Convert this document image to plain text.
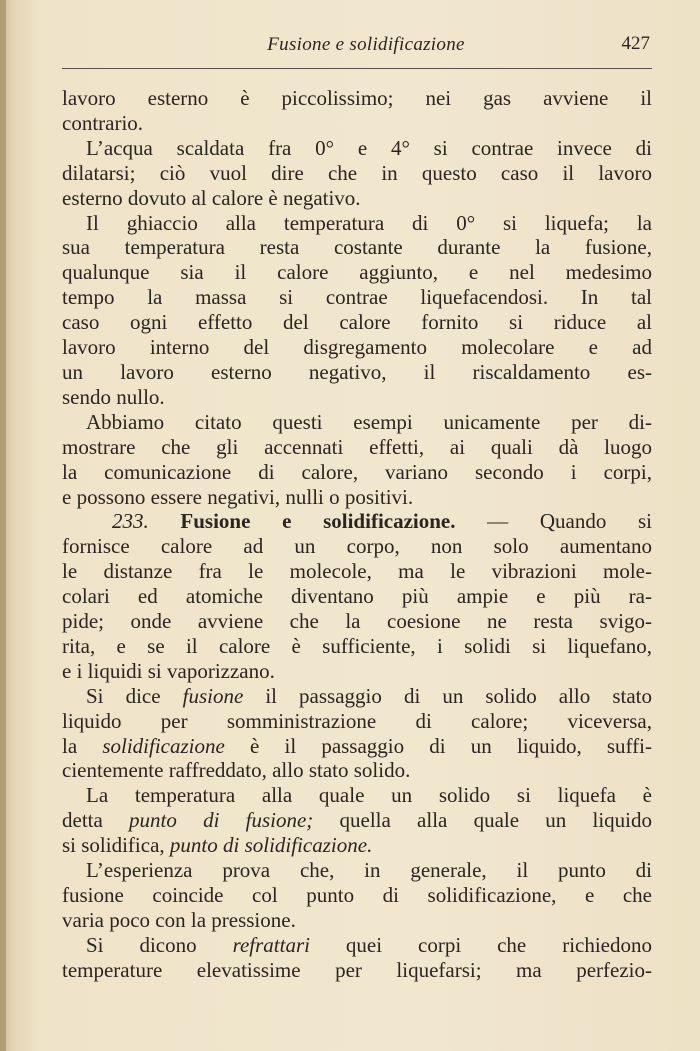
Fusione e solidificazione	427
lavoro esterno è piccolissimo; nei gas avviene il
contrario.
L’acqua scaldata fra 0° e 4° si contrae invece di
dilatarsi; ciò vuol dire che in questo caso il lavoro
esterno dovuto al calore è negativo.
Il ghiaccio alla temperatura di 0° si liquefa; la
sua temperatura resta costante durante la fusione,
qualunque sia il calore aggiunto, e nel medesimo
tempo la massa si contrae liquefacendosi. In tal
caso ogni effetto del calore fornito si riduce al
lavoro interno del disgregamento molecolare e ad
un lavoro esterno negativo, il riscaldamento es-
sendo nullo.
Abbiamo citato questi esempi unicamente per di-
mostrare che gli accennati effetti, ai quali dà luogo
la comunicazione di calore, variano secondo i corpi,
e possono essere negativi, nulli o positivi.
233. Fusione e solidificazione. — Quando si
fornisce calore ad un corpo, non solo aumentano
le distanze fra le molecole, ma le vibrazioni mole-
colari ed atomiche diventano più ampie e più ra-
pide; onde avviene che la coesione ne resta svigo-
rita, e se il calore è sufficiente, i solidi si liquefano,
e i liquidi si vaporizzano.
Si dice fusione il passaggio di un solido allo stato
liquido per somministrazione di calore; viceversa,
la solidificazione è il passaggio di un liquido, suffi-
cientemente raffreddato, allo stato solido.
La temperatura alla quale un solido si liquefa è
detta punto di fusione; quella alla quale un liquido
si solidifica, punto di solidificazione.
L’esperienza prova che, in generale, il punto di
fusione coincide col punto di solidificazione, e che
varia poco con la pressione.
Si dicono refrattari quei corpi che richiedono
temperature elevatissime per liquefarsi; ma perfezio-
